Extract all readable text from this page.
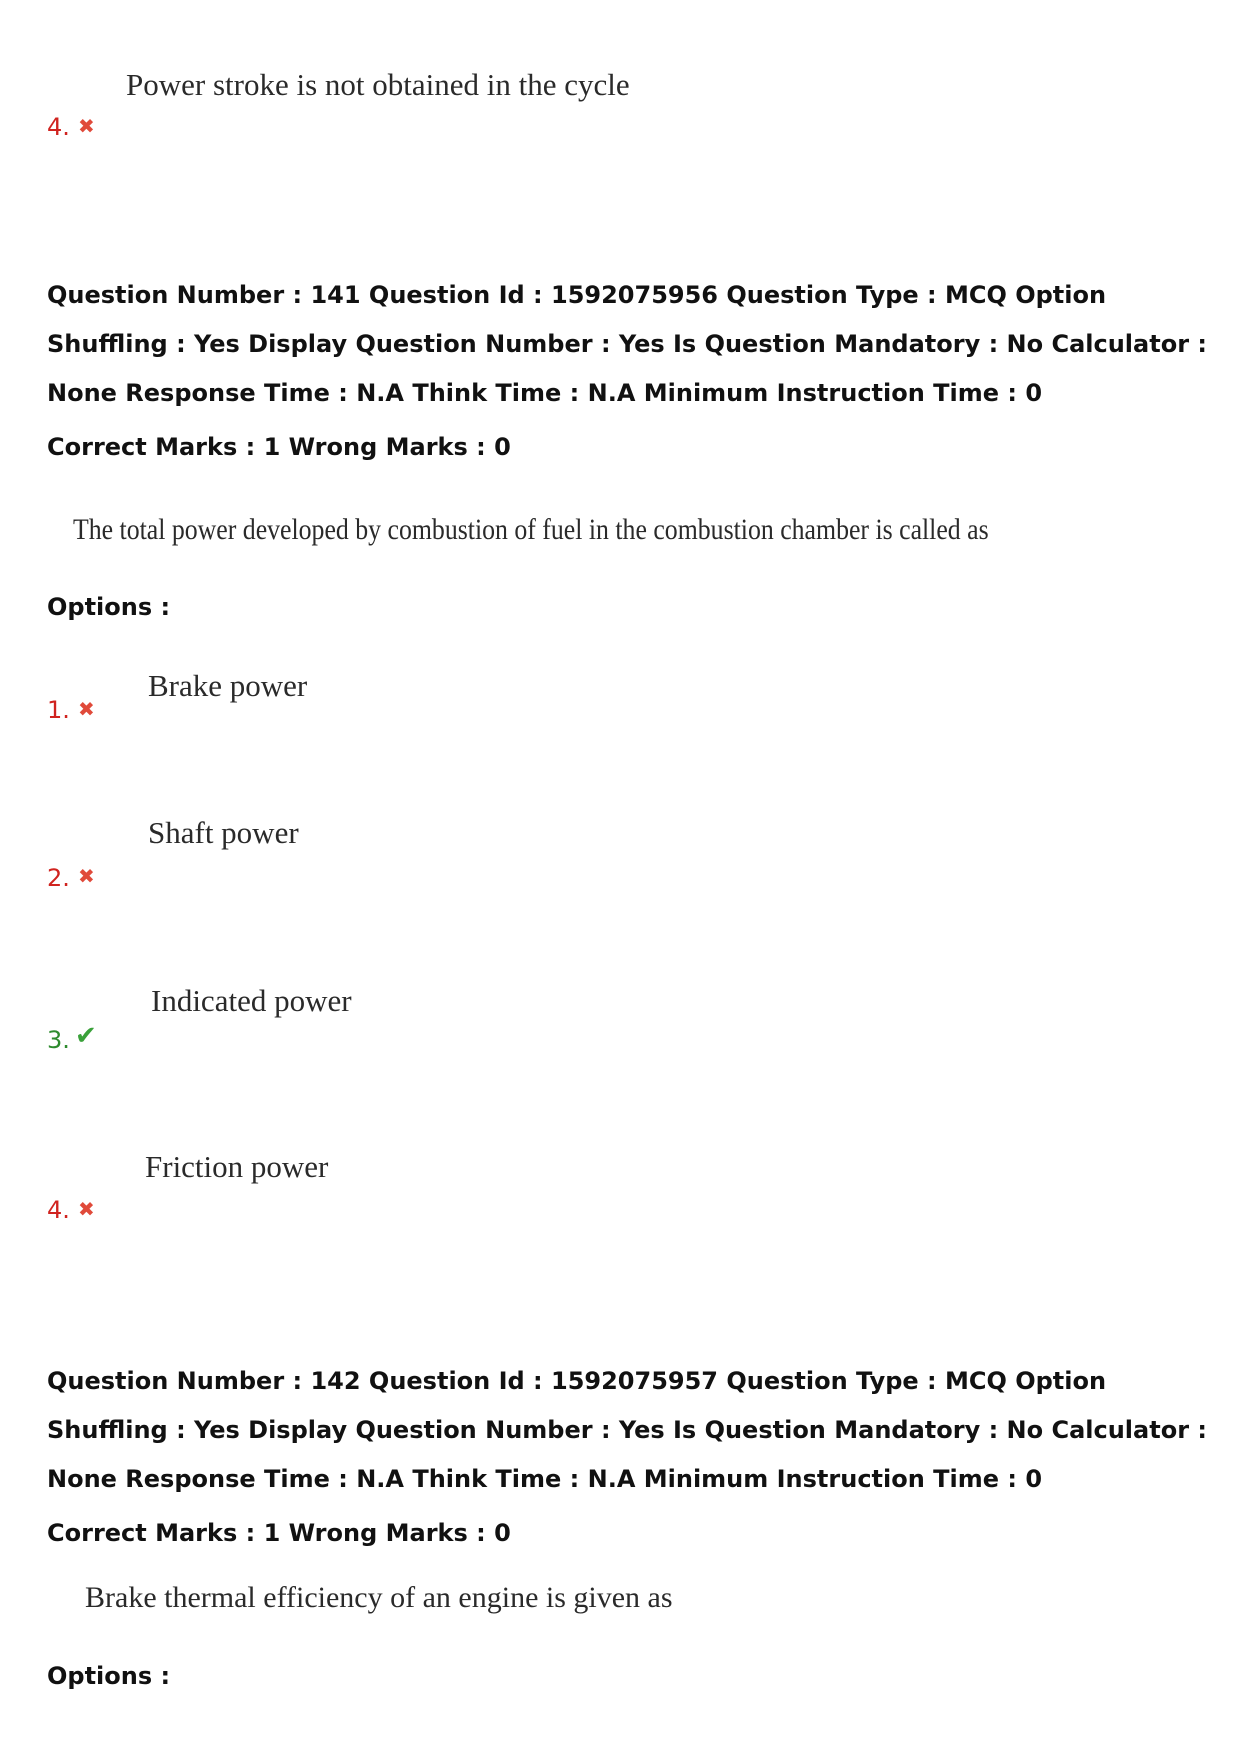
Power stroke is not obtained in the cycle
4. ✖
Question Number : 141 Question Id : 1592075956 Question Type : MCQ Option Shuffling : Yes Display Question Number : Yes Is Question Mandatory : No Calculator : None Response Time : N.A Think Time : N.A Minimum Instruction Time : 0
Correct Marks : 1 Wrong Marks : 0
The total power developed by combustion of fuel in the combustion chamber is called as
Options :
Brake power
1. ✖
Shaft power
2. ✖
Indicated power
3. ✔
Friction power
4. ✖
Question Number : 142 Question Id : 1592075957 Question Type : MCQ Option Shuffling : Yes Display Question Number : Yes Is Question Mandatory : No Calculator : None Response Time : N.A Think Time : N.A Minimum Instruction Time : 0
Correct Marks : 1 Wrong Marks : 0
Brake thermal efficiency of an engine is given as
Options :
